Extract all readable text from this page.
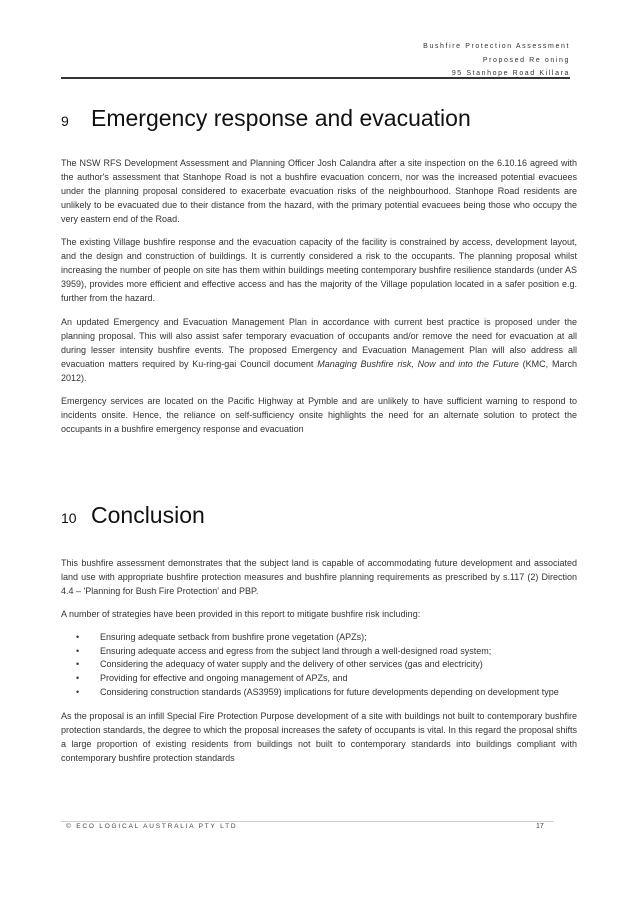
Bushfire Protection Assessment
Proposed Re oning
95 Stanhope Road Killara
9 Emergency response and evacuation

The NSW RFS Development Assessment and Planning Officer Josh Calandra after a site inspection on the 6.10.16 agreed with the author's assessment that Stanhope Road is not a bushfire evacuation concern, nor was the increased potential evacuees under the planning proposal considered to exacerbate evacuation risks of the neighbourhood. Stanhope Road residents are unlikely to be evacuated due to their distance from the hazard, with the primary potential evacuees being those who occupy the very eastern end of the Road.

The existing Village bushfire response and the evacuation capacity of the facility is constrained by access, development layout, and the design and construction of buildings. It is currently considered a risk to the occupants. The planning proposal whilst increasing the number of people on site has them within buildings meeting contemporary bushfire resilience standards (under AS 3959), provides more efficient and effective access and has the majority of the Village population located in a safer position e.g. further from the hazard.

An updated Emergency and Evacuation Management Plan in accordance with current best practice is proposed under the planning proposal. This will also assist safer temporary evacuation of occupants and/or remove the need for evacuation at all during lesser intensity bushfire events. The proposed Emergency and Evacuation Management Plan will also address all evacuation matters required by Ku-ring-gai Council document Managing Bushfire risk, Now and into the Future (KMC, March 2012).

Emergency services are located on the Pacific Highway at Pymble and are unlikely to have sufficient warning to respond to incidents onsite. Hence, the reliance on self-sufficiency onsite highlights the need for an alternate solution to protect the occupants in a bushfire emergency response and evacuation

10 Conclusion

This bushfire assessment demonstrates that the subject land is capable of accommodating future development and associated land use with appropriate bushfire protection measures and bushfire planning requirements as prescribed by s.117 (2) Direction 4.4 – 'Planning for Bush Fire Protection' and PBP.

A number of strategies have been provided in this report to mitigate bushfire risk including:

• Ensuring adequate setback from bushfire prone vegetation (APZs);
• Ensuring adequate access and egress from the subject land through a well-designed road system;
• Considering the adequacy of water supply and the delivery of other services (gas and electricity)
• Providing for effective and ongoing management of APZs, and
• Considering construction standards (AS3959) implications for future developments depending on development type

As the proposal is an infill Special Fire Protection Purpose development of a site with buildings not built to contemporary bushfire protection standards, the degree to which the proposal increases the safety of occupants is vital. In this regard the proposal shifts a large proportion of existing residents from buildings not built to contemporary standards into buildings compliant with contemporary bushfire protection standards

© ECO LOGICAL AUSTRALIA PTY LTD	17
